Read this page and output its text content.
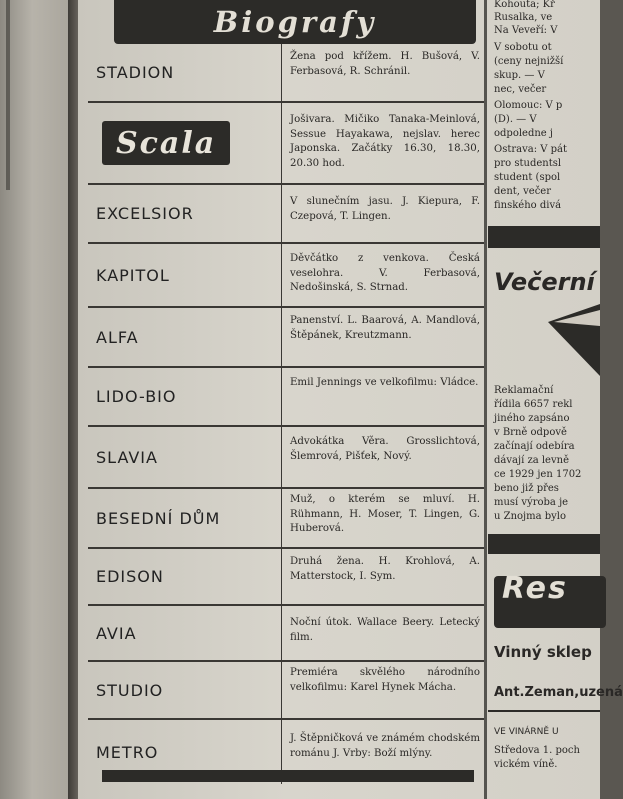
Biografy
STADION
Žena pod křížem. H. Bušová, V. Ferbasová, R. Schránil.
Scala
Jošivara. Mičiko Tanaka-Meinlová, Sessue Hayakawa, nejslav. herec Japonska. Začátky 16.30, 18.30, 20.30 hod.
EXCELSIOR
V slunečním jasu. J. Kiepura, F. Czepová, T. Lingen.
KAPITOL
Děvčátko z venkova. Česká veselohra. V. Ferbasová, Nedošinská, S. Strnad.
ALFA
Panenství. L. Baarová, A. Mandlová, Štěpánek, Kreutzmann.
LIDO-BIO
Emil Jennings ve velkofilmu: Vládce.
SLAVIA
Advokátka Věra. Grosslichtová, Šlemrová, Pišťek, Nový.
BESEDNÍ DŮM
Muž, o kterém se mluví. H. Rühmann, H. Moser, T. Lingen, G. Huberová.
EDISON
Druhá žena. H. Krohlová, A. Matterstock, I. Sym.
AVIA
Noční útok. Wallace Beery. Letecký film.
STUDIO
Premiéra skvělého národního velkofilmu: Karel Hynek Mácha.
METRO
J. Štěpničková ve známém chodském románu J. Vrby: Boží mlýny.
Kohouta; Kř
Rusalka, ve
Na Veveří: V
V sobotu ot
(ceny nejnižší
skup. — V
nec, večer
Olomouc: V p
(D). — V
odpoledne j
Ostrava: V pát
pro studentsl
student (spol
dent, večer
finského divá
Večerní
Reklamační
řídila 6657 rekl
jiného zapsáno
v Brně odpově
začínají odebíra
dávají za levně
ce 1929 jen 1702
beno již přes
musí výroba je
u Znojma bylo
Res
Vinný sklep
Ant.Zeman,uzená
VE VINÁRNĚ U
Středova 1. poch
vickém víně.
